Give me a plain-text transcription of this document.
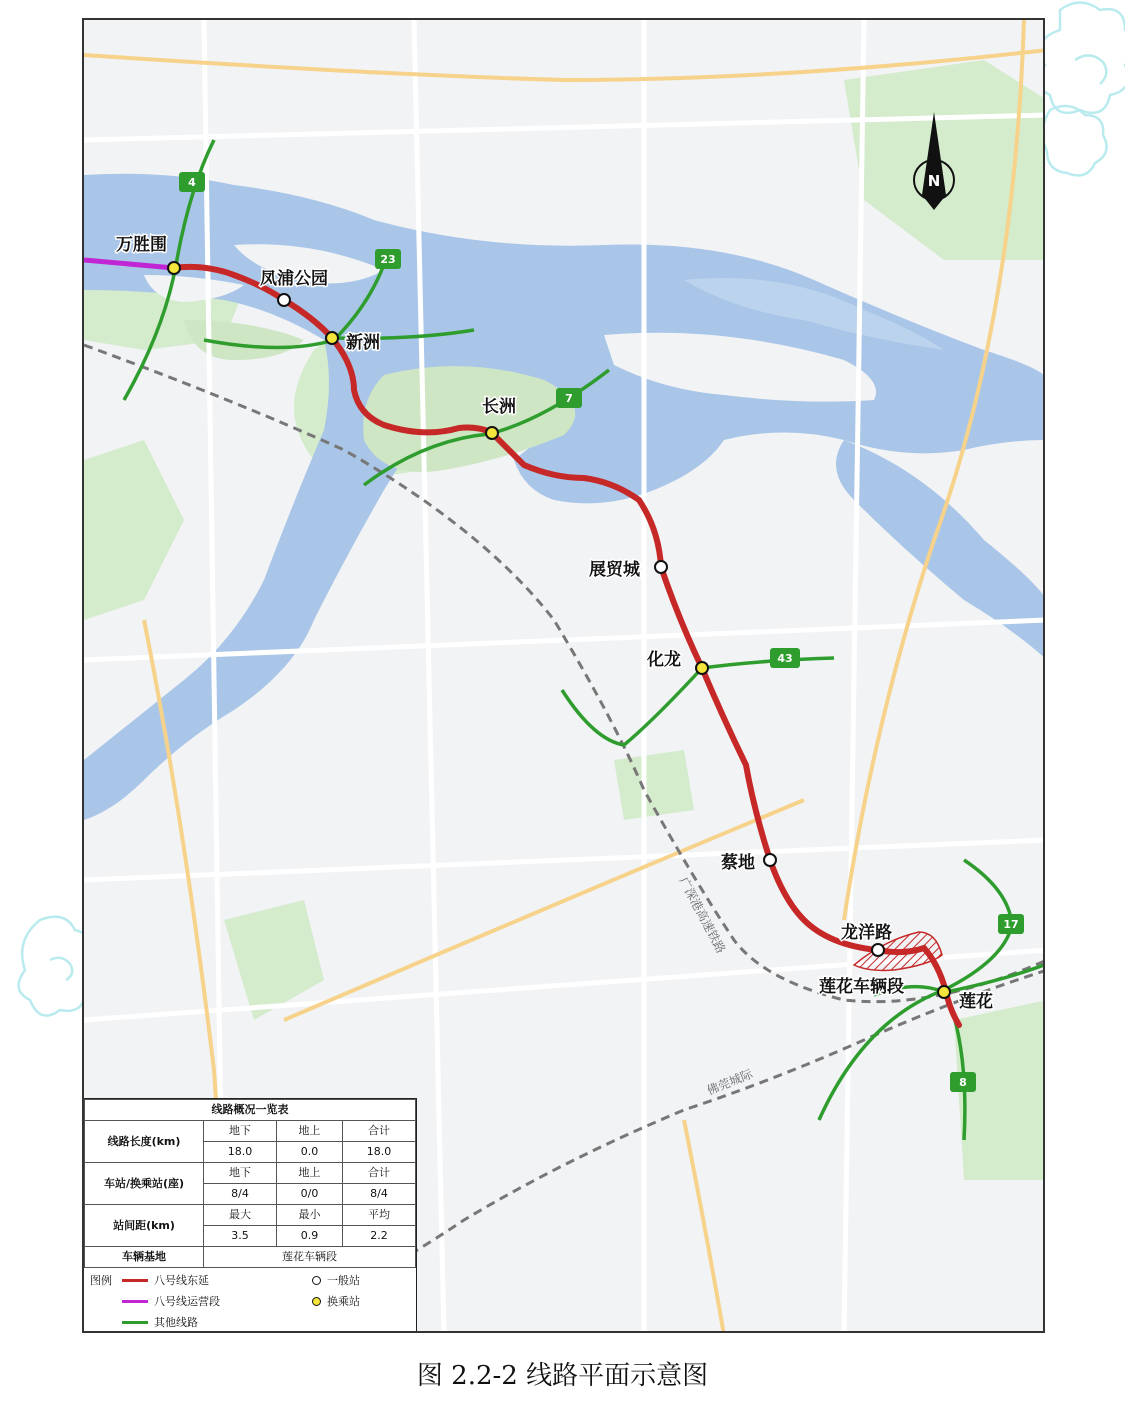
广深港高速铁路
佛莞城际
4
23
7
43
17
8
万胜围
凤浦公园
新洲
长洲
展贸城
化龙
蔡地
龙洋路
莲花
莲花车辆段
N
线路概况一览表			
线路长度(km)	地下	地上	合计
	18.0	0.0	18.0
车站/换乘站(座)	地下	地上	合计
	8/4	0/0	8/4
站间距(km)	最大	最小	平均
	3.5	0.9	2.2
车辆基地	莲花车辆段		
图例	八号线东延
八号线运营段
其他线路
一般站
换乘站
图 2.2-2 线路平面示意图
